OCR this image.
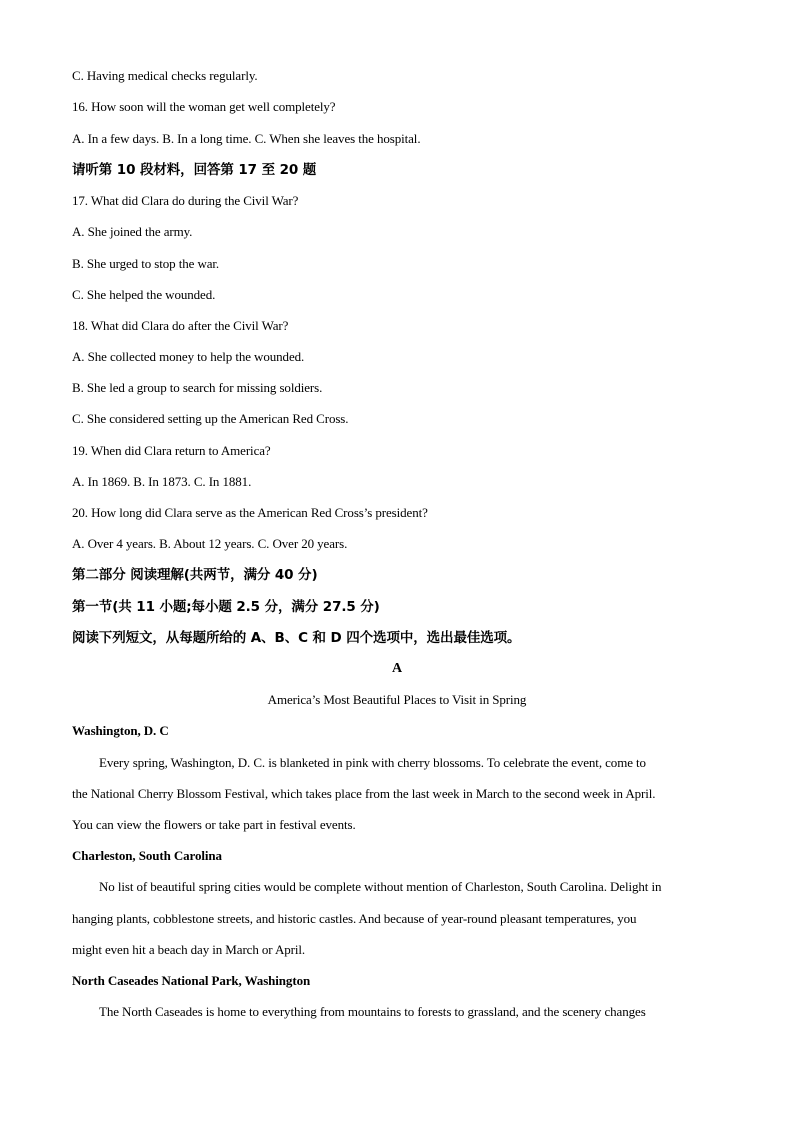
C. Having medical checks regularly.
16. How soon will the woman get well completely?
A. In a few days. B. In a long time. C. When she leaves the hospital.
请听第 10 段材料，回答第 17 至 20 题
17. What did Clara do during the Civil War?
A. She joined the army.
B. She urged to stop the war.
C. She helped the wounded.
18. What did Clara do after the Civil War?
A. She collected money to help the wounded.
B. She led a group to search for missing soldiers.
C. She considered setting up the American Red Cross.
19. When did Clara return to America?
A. In 1869. B. In 1873. C. In 1881.
20. How long did Clara serve as the American Red Cross’s president?
A. Over 4 years. B. About 12 years. C. Over 20 years.
第二部分 阅读理解(共两节，满分 40 分)
第一节(共 11 小题;每小题 2.5 分，满分 27.5 分)
阅读下列短文，从每题所给的 A、B、C 和 D 四个选项中，选出最佳选项。
A
America’s Most Beautiful Places to Visit in Spring
Washington, D. C
Every spring, Washington, D. C. is blanketed in pink with cherry blossoms. To celebrate the event, come to
the National Cherry Blossom Festival, which takes place from the last week in March to the second week in April.
You can view the flowers or take part in festival events.
Charleston, South Carolina
No list of beautiful spring cities would be complete without mention of Charleston, South Carolina. Delight in
hanging plants, cobblestone streets, and historic castles. And because of year-round pleasant temperatures, you
might even hit a beach day in March or April.
North Caseades National Park, Washington
The North Caseades is home to everything from mountains to forests to grassland, and the scenery changes
